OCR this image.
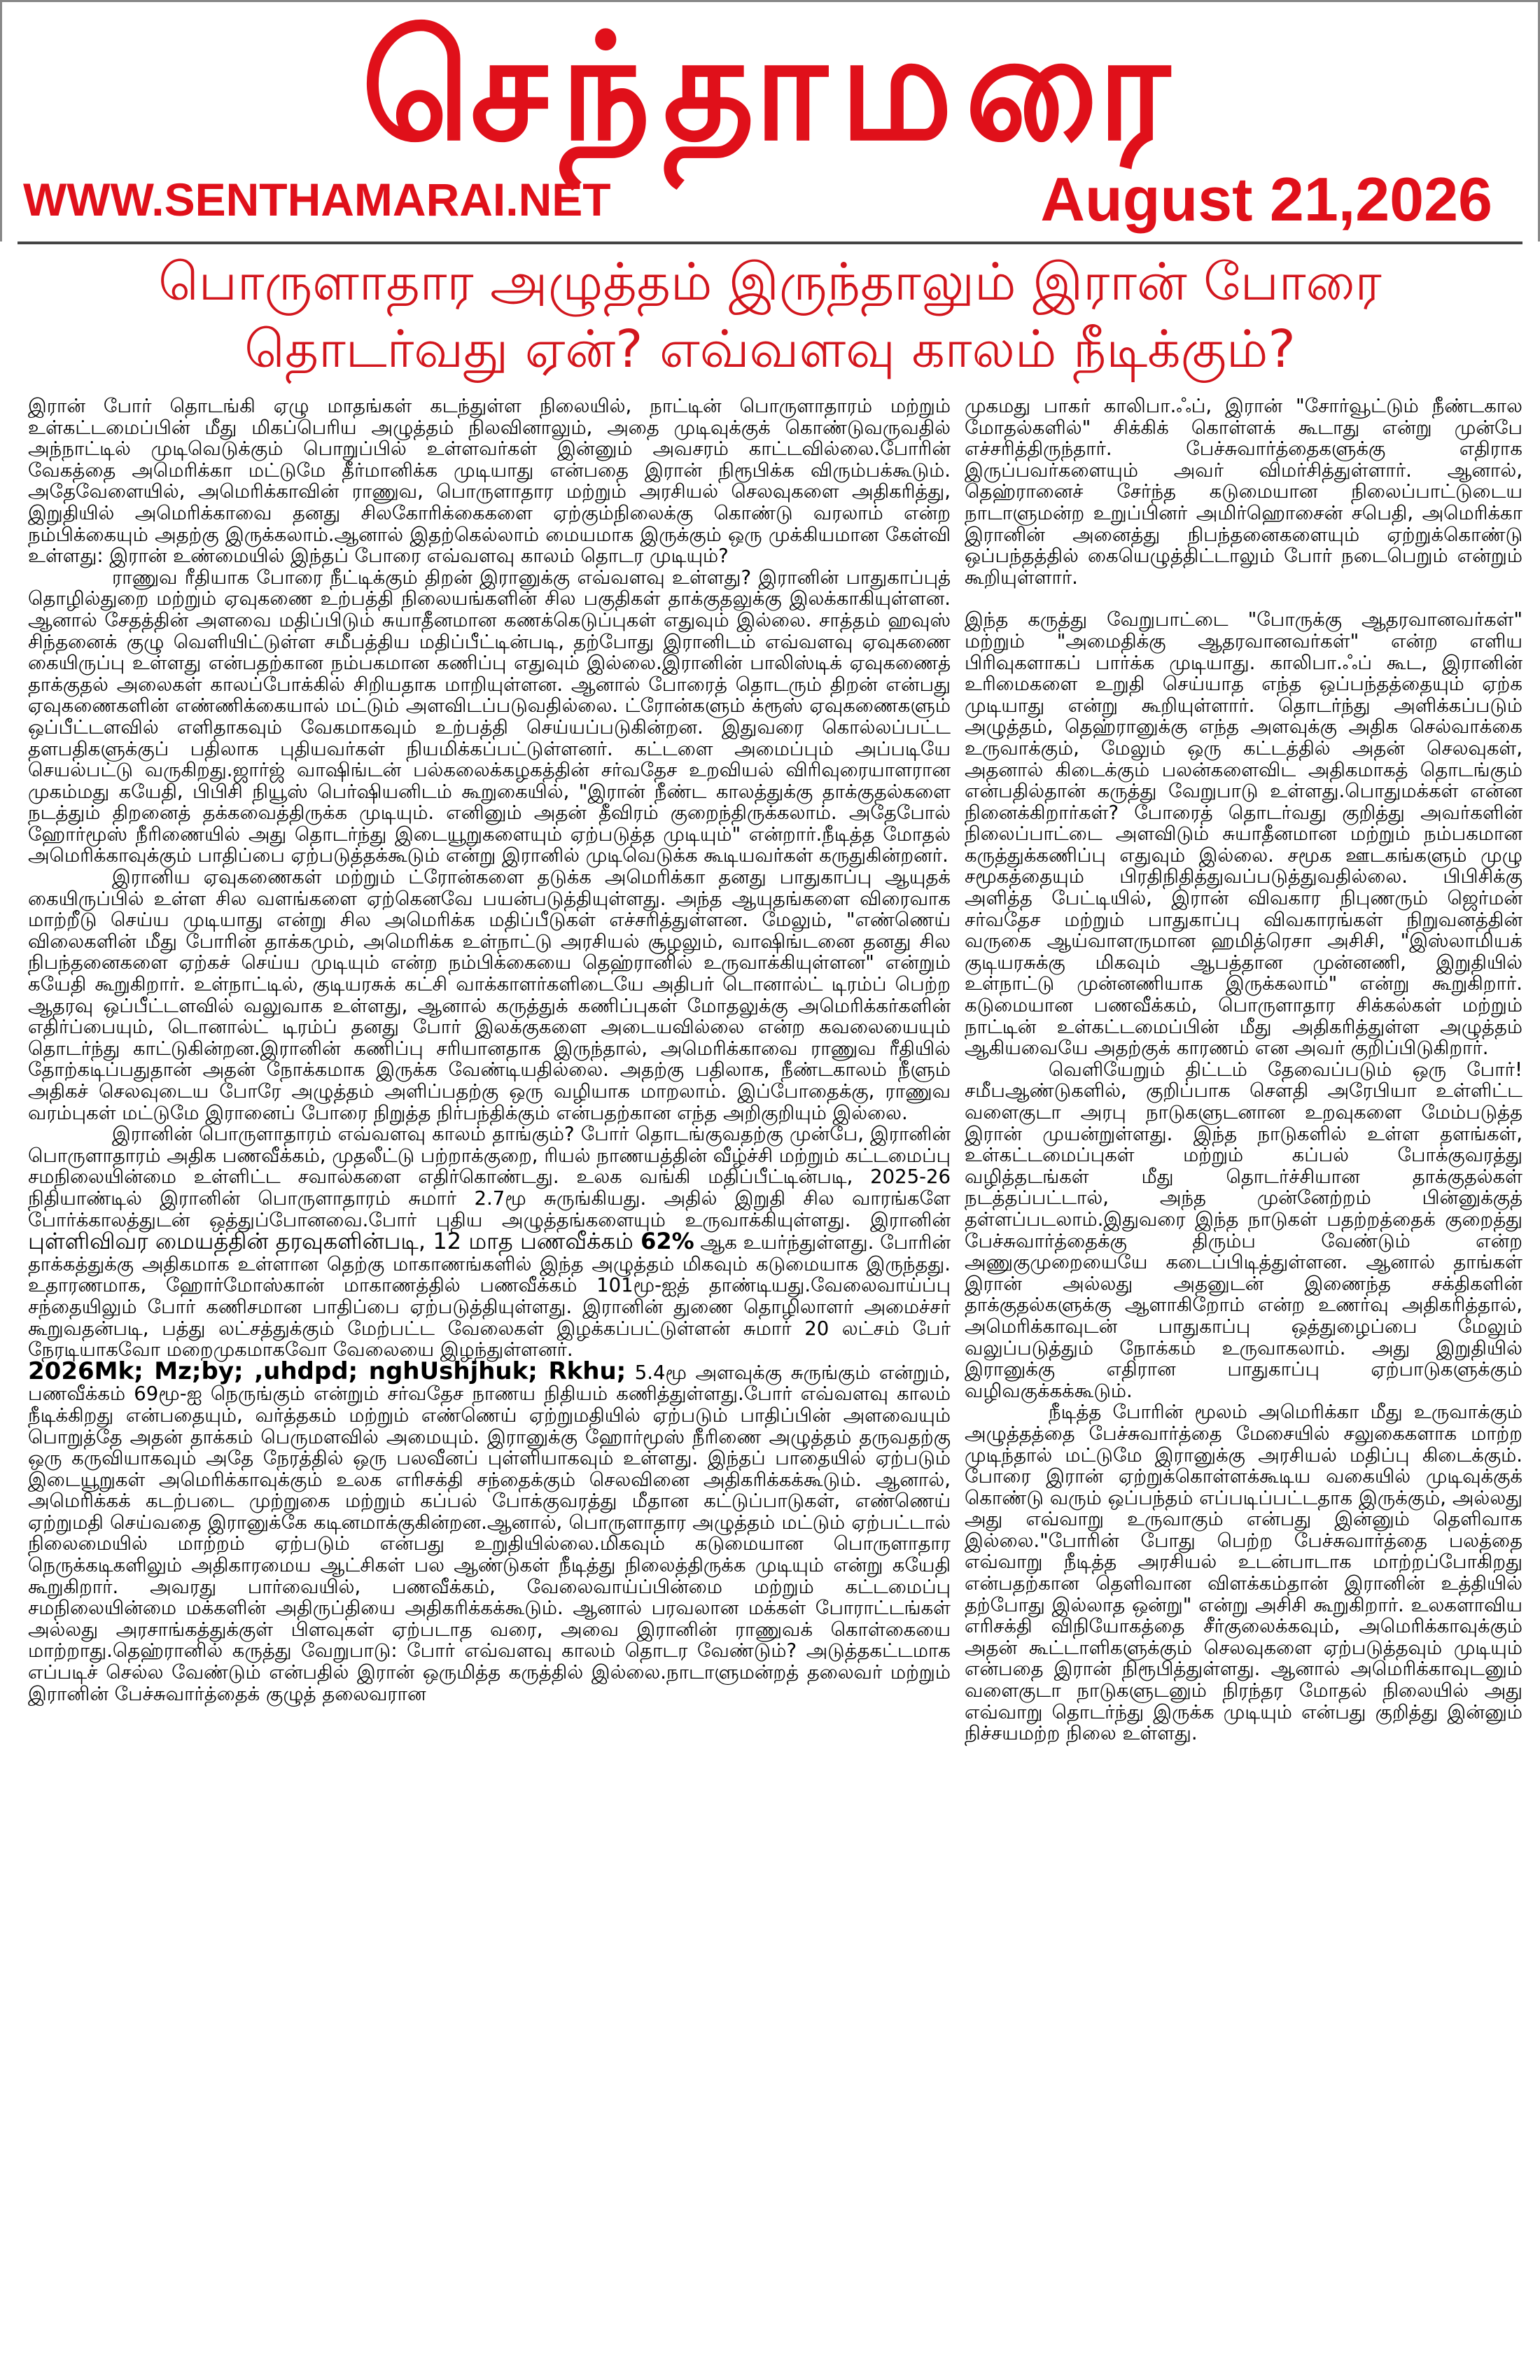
செந்தாமரை
WWW.SENTHAMARAI.NET	August 21,2026
பொருளாதார அழுத்தம் இருந்தாலும் இரான் போரை
தொடர்வது ஏன்? எவ்வளவு காலம் நீடிக்கும்?

இரான் போர் தொடங்கி ஏழு மாதங்கள் கடந்துள்ள நிலையில், நாட்டின் பொருளாதாரம் மற்றும் உள்கட்டமைப்பின் மீது மிகப்பெரிய அழுத்தம் நிலவினாலும், அதை முடிவுக்குக் கொண்டுவருவதில் அந்நாட்டில் முடிவெடுக்கும் பொறுப்பில் உள்ளவர்கள் இன்னும் அவசரம் காட்டவில்லை.போரின் வேகத்தை அமெரிக்கா மட்டுமே தீர்மானிக்க முடியாது என்பதை இரான் நிரூபிக்க விரும்பக்கூடும். அதேவேளையில், அமெரிக்காவின் ராணுவ, பொருளாதார மற்றும் அரசியல் செலவுகளை அதிகரித்து, இறுதியில் அமெரிக்காவை தனது சிலகோரிக்கைகளை ஏற்கும்நிலைக்கு கொண்டு வரலாம் என்ற நம்பிக்கையும் அதற்கு இருக்கலாம்.ஆனால் இதற்கெல்லாம் மையமாக இருக்கும் ஒரு முக்கியமான கேள்வி உள்ளது: இரான் உண்மையில் இந்தப் போரை எவ்வளவு காலம் தொடர முடியும்?

ராணுவ ரீதியாக போரை நீட்டிக்கும் திறன் இரானுக்கு எவ்வளவு உள்ளது? இரானின் பாதுகாப்புத் தொழில்துறை மற்றும் ஏவுகணை உற்பத்தி நிலையங்களின் சில பகுதிகள் தாக்குதலுக்கு இலக்காகியுள்ளன. ஆனால் சேதத்தின் அளவை மதிப்பிடும் சுயாதீனமான கணக்கெடுப்புகள் எதுவும் இல்லை. சாத்தம் ஹவுஸ் சிந்தனைக் குழு வெளியிட்டுள்ள சமீபத்திய மதிப்பீட்டின்படி, தற்போது இரானிடம் எவ்வளவு ஏவுகணை கையிருப்பு உள்ளது என்பதற்கான நம்பகமான கணிப்பு எதுவும் இல்லை.இரானின் பாலிஸ்டிக் ஏவுகணைத் தாக்குதல் அலைகள் காலப்போக்கில் சிறியதாக மாறியுள்ளன. ஆனால் போரைத் தொடரும் திறன் என்பது ஏவுகணைகளின் எண்ணிக்கையால் மட்டும் அளவிடப்படுவதில்லை. ட்ரோன்களும் க்ரூஸ் ஏவுகணைகளும் ஒப்பீட்டளவில் எளிதாகவும் வேகமாகவும் உற்பத்தி செய்யப்படுகின்றன. இதுவரை கொல்லப்பட்ட தளபதிகளுக்குப் பதிலாக புதியவர்கள் நியமிக்கப்பட்டுள்ளனர். கட்டளை அமைப்பும் அப்படியே செயல்பட்டு வருகிறது.ஜார்ஜ் வாஷிங்டன் பல்கலைக்கழகத்தின் சர்வதேச உறவியல் விரிவுரையாளரான முகம்மது கயேதி, பிபிசி நியூஸ் பெர்ஷியனிடம் கூறுகையில், "இரான் நீண்ட காலத்துக்கு தாக்குதல்களை நடத்தும் திறனைத் தக்கவைத்திருக்க முடியும். எனினும் அதன் தீவிரம் குறைந்திருக்கலாம். அதேபோல் ஹோர்மூஸ் நீரிணையில் அது தொடர்ந்து இடையூறுகளையும் ஏற்படுத்த முடியும்" என்றார்.நீடித்த மோதல் அமெரிக்காவுக்கும் பாதிப்பை ஏற்படுத்தக்கூடும் என்று இரானில் முடிவெடுக்க கூடியவர்கள் கருதுகின்றனர்.

இரானிய ஏவுகணைகள் மற்றும் ட்ரோன்களை தடுக்க அமெரிக்கா தனது பாதுகாப்பு ஆயுதக் கையிருப்பில் உள்ள சில வளங்களை ஏற்கெனவே பயன்படுத்தியுள்ளது. அந்த ஆயுதங்களை விரைவாக மாற்றீடு செய்ய முடியாது என்று சில அமெரிக்க மதிப்பீடுகள் எச்சரித்துள்ளன. மேலும், "எண்ணெய் விலைகளின் மீது போரின் தாக்கமும், அமெரிக்க உள்நாட்டு அரசியல் சூழலும், வாஷிங்டனை தனது சில நிபந்தனைகளை ஏற்கச் செய்ய முடியும் என்ற நம்பிக்கையை தெஹ்ரானில் உருவாக்கியுள்ளன" என்றும் கயேதி கூறுகிறார். உள்நாட்டில், குடியரசுக் கட்சி வாக்காளர்களிடையே அதிபர் டொனால்ட் டிரம்ப் பெற்ற ஆதரவு ஒப்பீட்டளவில் வலுவாக உள்ளது, ஆனால் கருத்துக் கணிப்புகள் மோதலுக்கு அமெரிக்கர்களின் எதிர்ப்பையும், டொனால்ட் டிரம்ப் தனது போர் இலக்குகளை அடையவில்லை என்ற கவலையையும் தொடர்ந்து காட்டுகின்றன.இரானின் கணிப்பு சரியானதாக இருந்தால், அமெரிக்காவை ராணுவ ரீதியில் தோற்கடிப்பதுதான் அதன் நோக்கமாக இருக்க வேண்டியதில்லை. அதற்கு பதிலாக, நீண்டகாலம் நீளும் அதிகச் செலவுடைய போரே அழுத்தம் அளிப்பதற்கு ஒரு வழியாக மாறலாம். இப்போதைக்கு, ராணுவ வரம்புகள் மட்டுமே இரானைப் போரை நிறுத்த நிர்பந்திக்கும் என்பதற்கான எந்த அறிகுறியும் இல்லை.

இரானின் பொருளாதாரம் எவ்வளவு காலம் தாங்கும்? போர் தொடங்குவதற்கு முன்பே, இரானின் பொருளாதாரம் அதிக பணவீக்கம், முதலீட்டு பற்றாக்குறை, ரியல் நாணயத்தின் வீழ்ச்சி மற்றும் கட்டமைப்பு சமநிலையின்மை உள்ளிட்ட சவால்களை எதிர்கொண்டது. உலக வங்கி மதிப்பீட்டின்படி, 2025-26 நிதியாண்டில் இரானின் பொருளாதாரம் சுமார் 2.7மூ சுருங்கியது. அதில் இறுதி சில வாரங்களே போர்க்காலத்துடன் ஒத்துப்போனவை.போர் புதிய அழுத்தங்களையும் உருவாக்கியுள்ளது. இரானின் புள்ளிவிவர மையத்தின் தரவுகளின்படி, 12 மாத பணவீக்கம் 62% ஆக உயர்ந்துள்ளது. போரின் தாக்கத்துக்கு அதிகமாக உள்ளான தெற்கு மாகாணங்களில் இந்த அழுத்தம் மிகவும் கடுமையாக இருந்தது. உதாரணமாக, ஹோர்மோஸ்கான் மாகாணத்தில் பணவீக்கம் 101மூ-ஐத் தாண்டியது.வேலைவாய்ப்பு சந்தையிலும் போர் கணிசமான பாதிப்பை ஏற்படுத்தியுள்ளது. இரானின் துணை தொழிலாளர் அமைச்சர் கூறுவதன்படி, பத்து லட்சத்துக்கும் மேற்பட்ட வேலைகள் இழக்கப்பட்டுள்ளன் சுமார் 20 லட்சம் பேர் நேரடியாகவோ மறைமுகமாகவோ வேலையை இழந்துள்ளனர்.

2026Mk; Mz;by; ,uhdpd; nghUshjhuk; Rkhu; 5.4மூ அளவுக்கு சுருங்கும் என்றும், பணவீக்கம் 69மூ-ஐ நெருங்கும் என்றும் சர்வதேச நாணய நிதியம் கணித்துள்ளது.போர் எவ்வளவு காலம் நீடிக்கிறது என்பதையும், வர்த்தகம் மற்றும் எண்ணெய் ஏற்றுமதியில் ஏற்படும் பாதிப்பின் அளவையும் பொறுத்தே அதன் தாக்கம் பெருமளவில் அமையும். இரானுக்கு ஹோர்மூஸ் நீரிணை அழுத்தம் தருவதற்கு ஒரு கருவியாகவும் அதே நேரத்தில் ஒரு பலவீனப் புள்ளியாகவும் உள்ளது. இந்தப் பாதையில் ஏற்படும் இடையூறுகள் அமெரிக்காவுக்கும் உலக எரிசக்தி சந்தைக்கும் செலவினை அதிகரிக்கக்கூடும். ஆனால், அமெரிக்கக் கடற்படை முற்றுகை மற்றும் கப்பல் போக்குவரத்து மீதான கட்டுப்பாடுகள், எண்ணெய் ஏற்றுமதி செய்வதை இரானுக்கே கடினமாக்குகின்றன.ஆனால், பொருளாதார அழுத்தம் மட்டும் ஏற்பட்டால் நிலைமையில் மாற்றம் ஏற்படும் என்பது உறுதியில்லை.மிகவும் கடுமையான பொருளாதார நெருக்கடிகளிலும் அதிகாரமைய ஆட்சிகள் பல ஆண்டுகள் நீடித்து நிலைத்திருக்க முடியும் என்று கயேதி கூறுகிறார். அவரது பார்வையில், பணவீக்கம், வேலைவாய்ப்பின்மை மற்றும் கட்டமைப்பு சமநிலையின்மை மக்களின் அதிருப்தியை அதிகரிக்கக்கூடும். ஆனால் பரவலான மக்கள் போராட்டங்கள் அல்லது அரசாங்கத்துக்குள் பிளவுகள் ஏற்படாத வரை, அவை இரானின் ராணுவக் கொள்கையை மாற்றாது.தெஹ்ரானில் கருத்து வேறுபாடு: போர் எவ்வளவு காலம் தொடர வேண்டும்? அடுத்தகட்டமாக எப்படிச் செல்ல வேண்டும் என்பதில் இரான் ஒருமித்த கருத்தில் இல்லை.நாடாளுமன்றத் தலைவர் மற்றும் இரானின் பேச்சுவார்த்தைக் குழுத் தலைவரான

முகமது பாகர் காலிபா.ஃப், இரான் "சோர்வூட்டும் நீண்டகால மோதல்களில்" சிக்கிக் கொள்ளக் கூடாது என்று முன்பே எச்சரித்திருந்தார். பேச்சுவார்த்தைகளுக்கு எதிராக இருப்பவர்களையும் அவர் விமர்சித்துள்ளார். ஆனால், தெஹ்ரானைச் சேர்ந்த கடுமையான நிலைப்பாட்டுடைய நாடாளுமன்ற உறுப்பினர் அமிர்ஹொசைன் சபெதி, அமெரிக்கா இரானின் அனைத்து நிபந்தனைகளையும் ஏற்றுக்கொண்டு ஒப்பந்தத்தில் கையெழுத்திட்டாலும் போர் நடைபெறும் என்றும் கூறியுள்ளார்.

இந்த கருத்து வேறுபாட்டை "போருக்கு ஆதரவானவர்கள்" மற்றும் "அமைதிக்கு ஆதரவானவர்கள்" என்ற எளிய பிரிவுகளாகப் பார்க்க முடியாது. காலிபா.ஃப் கூட, இரானின் உரிமைகளை உறுதி செய்யாத எந்த ஒப்பந்தத்தையும் ஏற்க முடியாது என்று கூறியுள்ளார். தொடர்ந்து அளிக்கப்படும் அழுத்தம், தெஹ்ரானுக்கு எந்த அளவுக்கு அதிக செல்வாக்கை உருவாக்கும், மேலும் ஒரு கட்டத்தில் அதன் செலவுகள், அதனால் கிடைக்கும் பலன்களைவிட அதிகமாகத் தொடங்கும் என்பதில்தான் கருத்து வேறுபாடு உள்ளது.பொதுமக்கள் என்ன நினைக்கிறார்கள்? போரைத் தொடர்வது குறித்து அவர்களின் நிலைப்பாட்டை அளவிடும் சுயாதீனமான மற்றும் நம்பகமான கருத்துக்கணிப்பு எதுவும் இல்லை. சமூக ஊடகங்களும் முழு சமூகத்தையும் பிரதிநிதித்துவப்படுத்துவதில்லை. பிபிசிக்கு அளித்த பேட்டியில், இரான் விவகார நிபுணரும் ஜெர்மன் சர்வதேச மற்றும் பாதுகாப்பு விவகாரங்கள் நிறுவனத்தின் வருகை ஆய்வாளருமான ஹமித்ரெசா அசிசி, "இஸ்லாமியக் குடியரசுக்கு மிகவும் ஆபத்தான முன்னணி, இறுதியில் உள்நாட்டு முன்னணியாக இருக்கலாம்" என்று கூறுகிறார். கடுமையான பணவீக்கம், பொருளாதார சிக்கல்கள் மற்றும் நாட்டின் உள்கட்டமைப்பின் மீது அதிகரித்துள்ள அழுத்தம் ஆகியவையே அதற்குக் காரணம் என அவர் குறிப்பிடுகிறார்.

வெளியேறும் திட்டம் தேவைப்படும் ஒரு போர்! சமீபஆண்டுகளில், குறிப்பாக சௌதி அரேபியா உள்ளிட்ட வளைகுடா அரபு நாடுகளுடனான உறவுகளை மேம்படுத்த இரான் முயன்றுள்ளது. இந்த நாடுகளில் உள்ள தளங்கள், உள்கட்டமைப்புகள் மற்றும் கப்பல் போக்குவரத்து வழித்தடங்கள் மீது தொடர்ச்சியான தாக்குதல்கள் நடத்தப்பட்டால், அந்த முன்னேற்றம் பின்னுக்குத் தள்ளப்படலாம்.இதுவரை இந்த நாடுகள் பதற்றத்தைக் குறைத்து பேச்சுவார்த்தைக்கு திரும்ப வேண்டும் என்ற அணுகுமுறையையே கடைப்பிடித்துள்ளன. ஆனால் தாங்கள் இரான் அல்லது அதனுடன் இணைந்த சக்திகளின் தாக்குதல்களுக்கு ஆளாகிறோம் என்ற உணர்வு அதிகரித்தால், அமெரிக்காவுடன் பாதுகாப்பு ஒத்துழைப்பை மேலும் வலுப்படுத்தும் நோக்கம் உருவாகலாம். அது இறுதியில் இரானுக்கு எதிரான பாதுகாப்பு ஏற்பாடுகளுக்கும் வழிவகுக்கக்கூடும்.

நீடித்த போரின் மூலம் அமெரிக்கா மீது உருவாக்கும் அழுத்தத்தை பேச்சுவார்த்தை மேசையில் சலுகைகளாக மாற்ற முடிந்தால் மட்டுமே இரானுக்கு அரசியல் மதிப்பு கிடைக்கும். போரை இரான் ஏற்றுக்கொள்ளக்கூடிய வகையில் முடிவுக்குக் கொண்டு வரும் ஒப்பந்தம் எப்படிப்பட்டதாக இருக்கும், அல்லது அது எவ்வாறு உருவாகும் என்பது இன்னும் தெளிவாக இல்லை."போரின் போது பெற்ற பேச்சுவார்த்தை பலத்தை எவ்வாறு நீடித்த அரசியல் உடன்பாடாக மாற்றப்போகிறது என்பதற்கான தெளிவான விளக்கம்தான் இரானின் உத்தியில் தற்போது இல்லாத ஒன்று" என்று அசிசி கூறுகிறார். உலகளாவிய எரிசக்தி விநியோகத்தை சீர்குலைக்கவும், அமெரிக்காவுக்கும் அதன் கூட்டாளிகளுக்கும் செலவுகளை ஏற்படுத்தவும் முடியும் என்பதை இரான் நிரூபித்துள்ளது. ஆனால் அமெரிக்காவுடனும் வளைகுடா நாடுகளுடனும் நிரந்தர மோதல் நிலையில் அது எவ்வாறு தொடர்ந்து இருக்க முடியும் என்பது குறித்து இன்னும் நிச்சயமற்ற நிலை உள்ளது.
